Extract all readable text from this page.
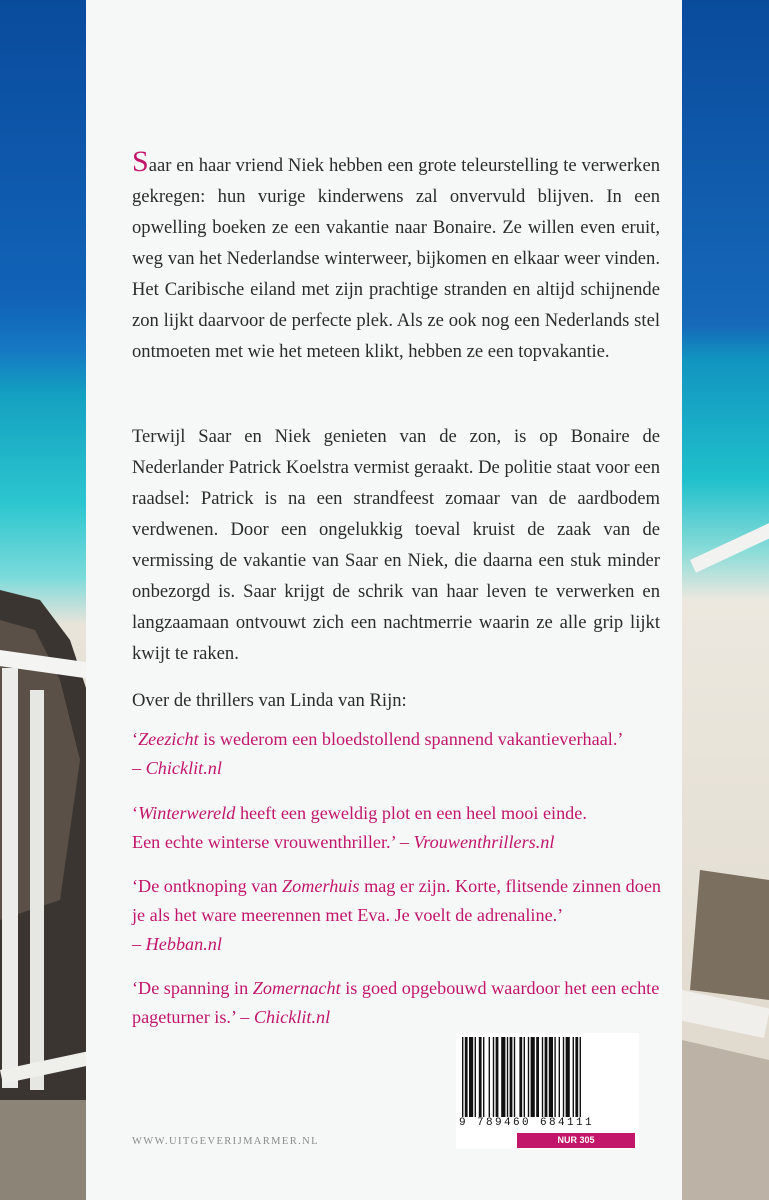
Saar en haar vriend Niek hebben een grote teleurstelling te verwerken gekregen: hun vurige kinderwens zal onvervuld blijven. In een opwelling boeken ze een vakantie naar Bonaire. Ze willen even eruit, weg van het Nederlandse winterweer, bijkomen en elkaar weer vinden. Het Caribische eiland met zijn prachtige stranden en altijd schijnende zon lijkt daarvoor de perfecte plek. Als ze ook nog een Nederlands stel ontmoeten met wie het meteen klikt, hebben ze een topvakantie.

Terwijl Saar en Niek genieten van de zon, is op Bonaire de Nederlander Patrick Koelstra vermist geraakt. De politie staat voor een raadsel: Patrick is na een strandfeest zomaar van de aardbodem verdwenen. Door een ongelukkig toeval kruist de zaak van de vermissing de vakantie van Saar en Niek, die daarna een stuk minder onbezorgd is. Saar krijgt de schrik van haar leven te verwerken en langzaamaan ontvouwt zich een nachtmerrie waarin ze alle grip lijkt kwijt te raken.

Over de thrillers van Linda van Rijn:
‘Zeezicht is wederom een bloedstollend spannend vakantieverhaal.’
– Chicklit.nl
‘Winterwereld heeft een geweldig plot en een heel mooi einde.
Een echte winterse vrouwenthriller.’ – Vrouwenthrillers.nl
‘De ontknoping van Zomerhuis mag er zijn. Korte, flitsende zinnen doen je als het ware meerennen met Eva. Je voelt de adrenaline.’
– Hebban.nl
‘De spanning in Zomernacht is goed opgebouwd waardoor het een echte pageturner is.’ – Chicklit.nl
WWW.UITGEVERIJMARMER.NL
9 789460 684111
NUR 305
